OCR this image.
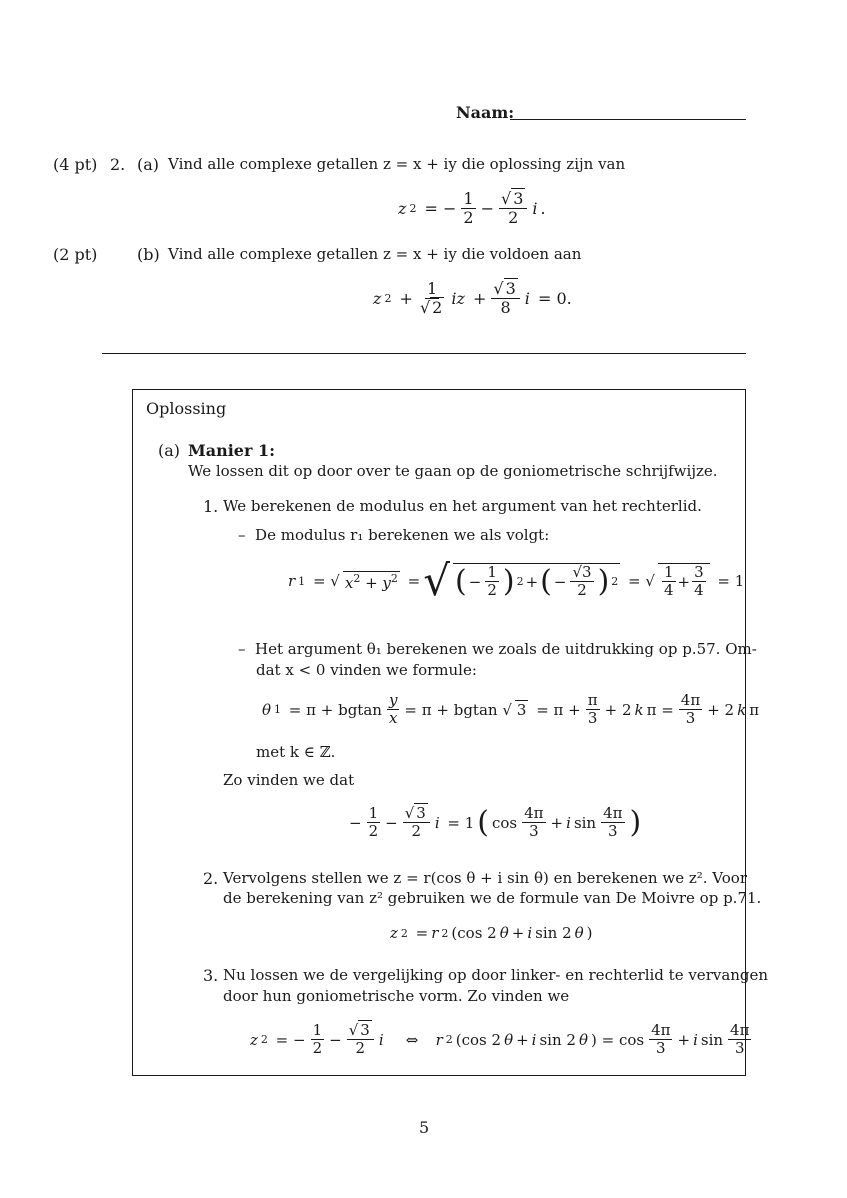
Naam:
(4 pt) 2. (a) Vind alle complexe getallen z = x + iy die oplossing zijn van
z 2 = − $\frac{1}{2} - \frac{√ 3}{2}$ i .
(2 pt) (b) Vind alle complexe getallen z = x + iy die voldoen aan
z $2 + \frac{1}{√ 2}$ iz + $\frac{√ 3}{8}$ i = 0.
Oplossing
(a) Manier 1:
We lossen dit op door over te gaan op de goniometrische schrijfwijze.
1. We berekenen de modulus en het argument van het rechterlid.
–  De modulus r₁ berekenen we als volgt:
r 1 = √ $x^2 + y^2$ = √ ( − $\frac{1}{2}$ ) 2 + ( − $\frac{√3}{2}$ ) 2 = √ $\frac{1}{4} + \frac{3}{4} = 1$
–  Het argument θ₁ berekenen we zoals de uitdrukking op p.57. Om-
dat x < 0 vinden we formule:
θ 1 = π + bgtan $\frac{y}{x} = \pi + bgtan$ √ $3 = \pi + \frac{\pi}{3} + 2$ k $\pi = \frac{4\pi}{3} + 2$ k π
met k ∈ ℤ.
Zo vinden we dat
− $\frac{1}{2} - \frac{√ 3}{2}$ i = 1 ( $\cos \frac{4\pi}{3} + i$ $\sin \frac{4\pi}{3}$ )
2. Vervolgens stellen we z = r(cos θ + i sin θ) en berekenen we z². Voor
de berekening van z² gebruiken we de formule van De Moivre op p.71.
z 2 = r 2 (cos 2 θ + i sin 2 θ )
3. Nu lossen we de vergelijking op door linker- en rechterlid te vervangen
door hun goniometrische vorm. Zo vinden we
z 2 = − $\frac{1}{2} - \frac{√ 3}{2}$ i ⇔ r 2 (cos 2 θ + i sin 2 θ ) = $\cos \frac{4\pi}{3} + i$ $\sin \frac{4\pi}{3}$
5
